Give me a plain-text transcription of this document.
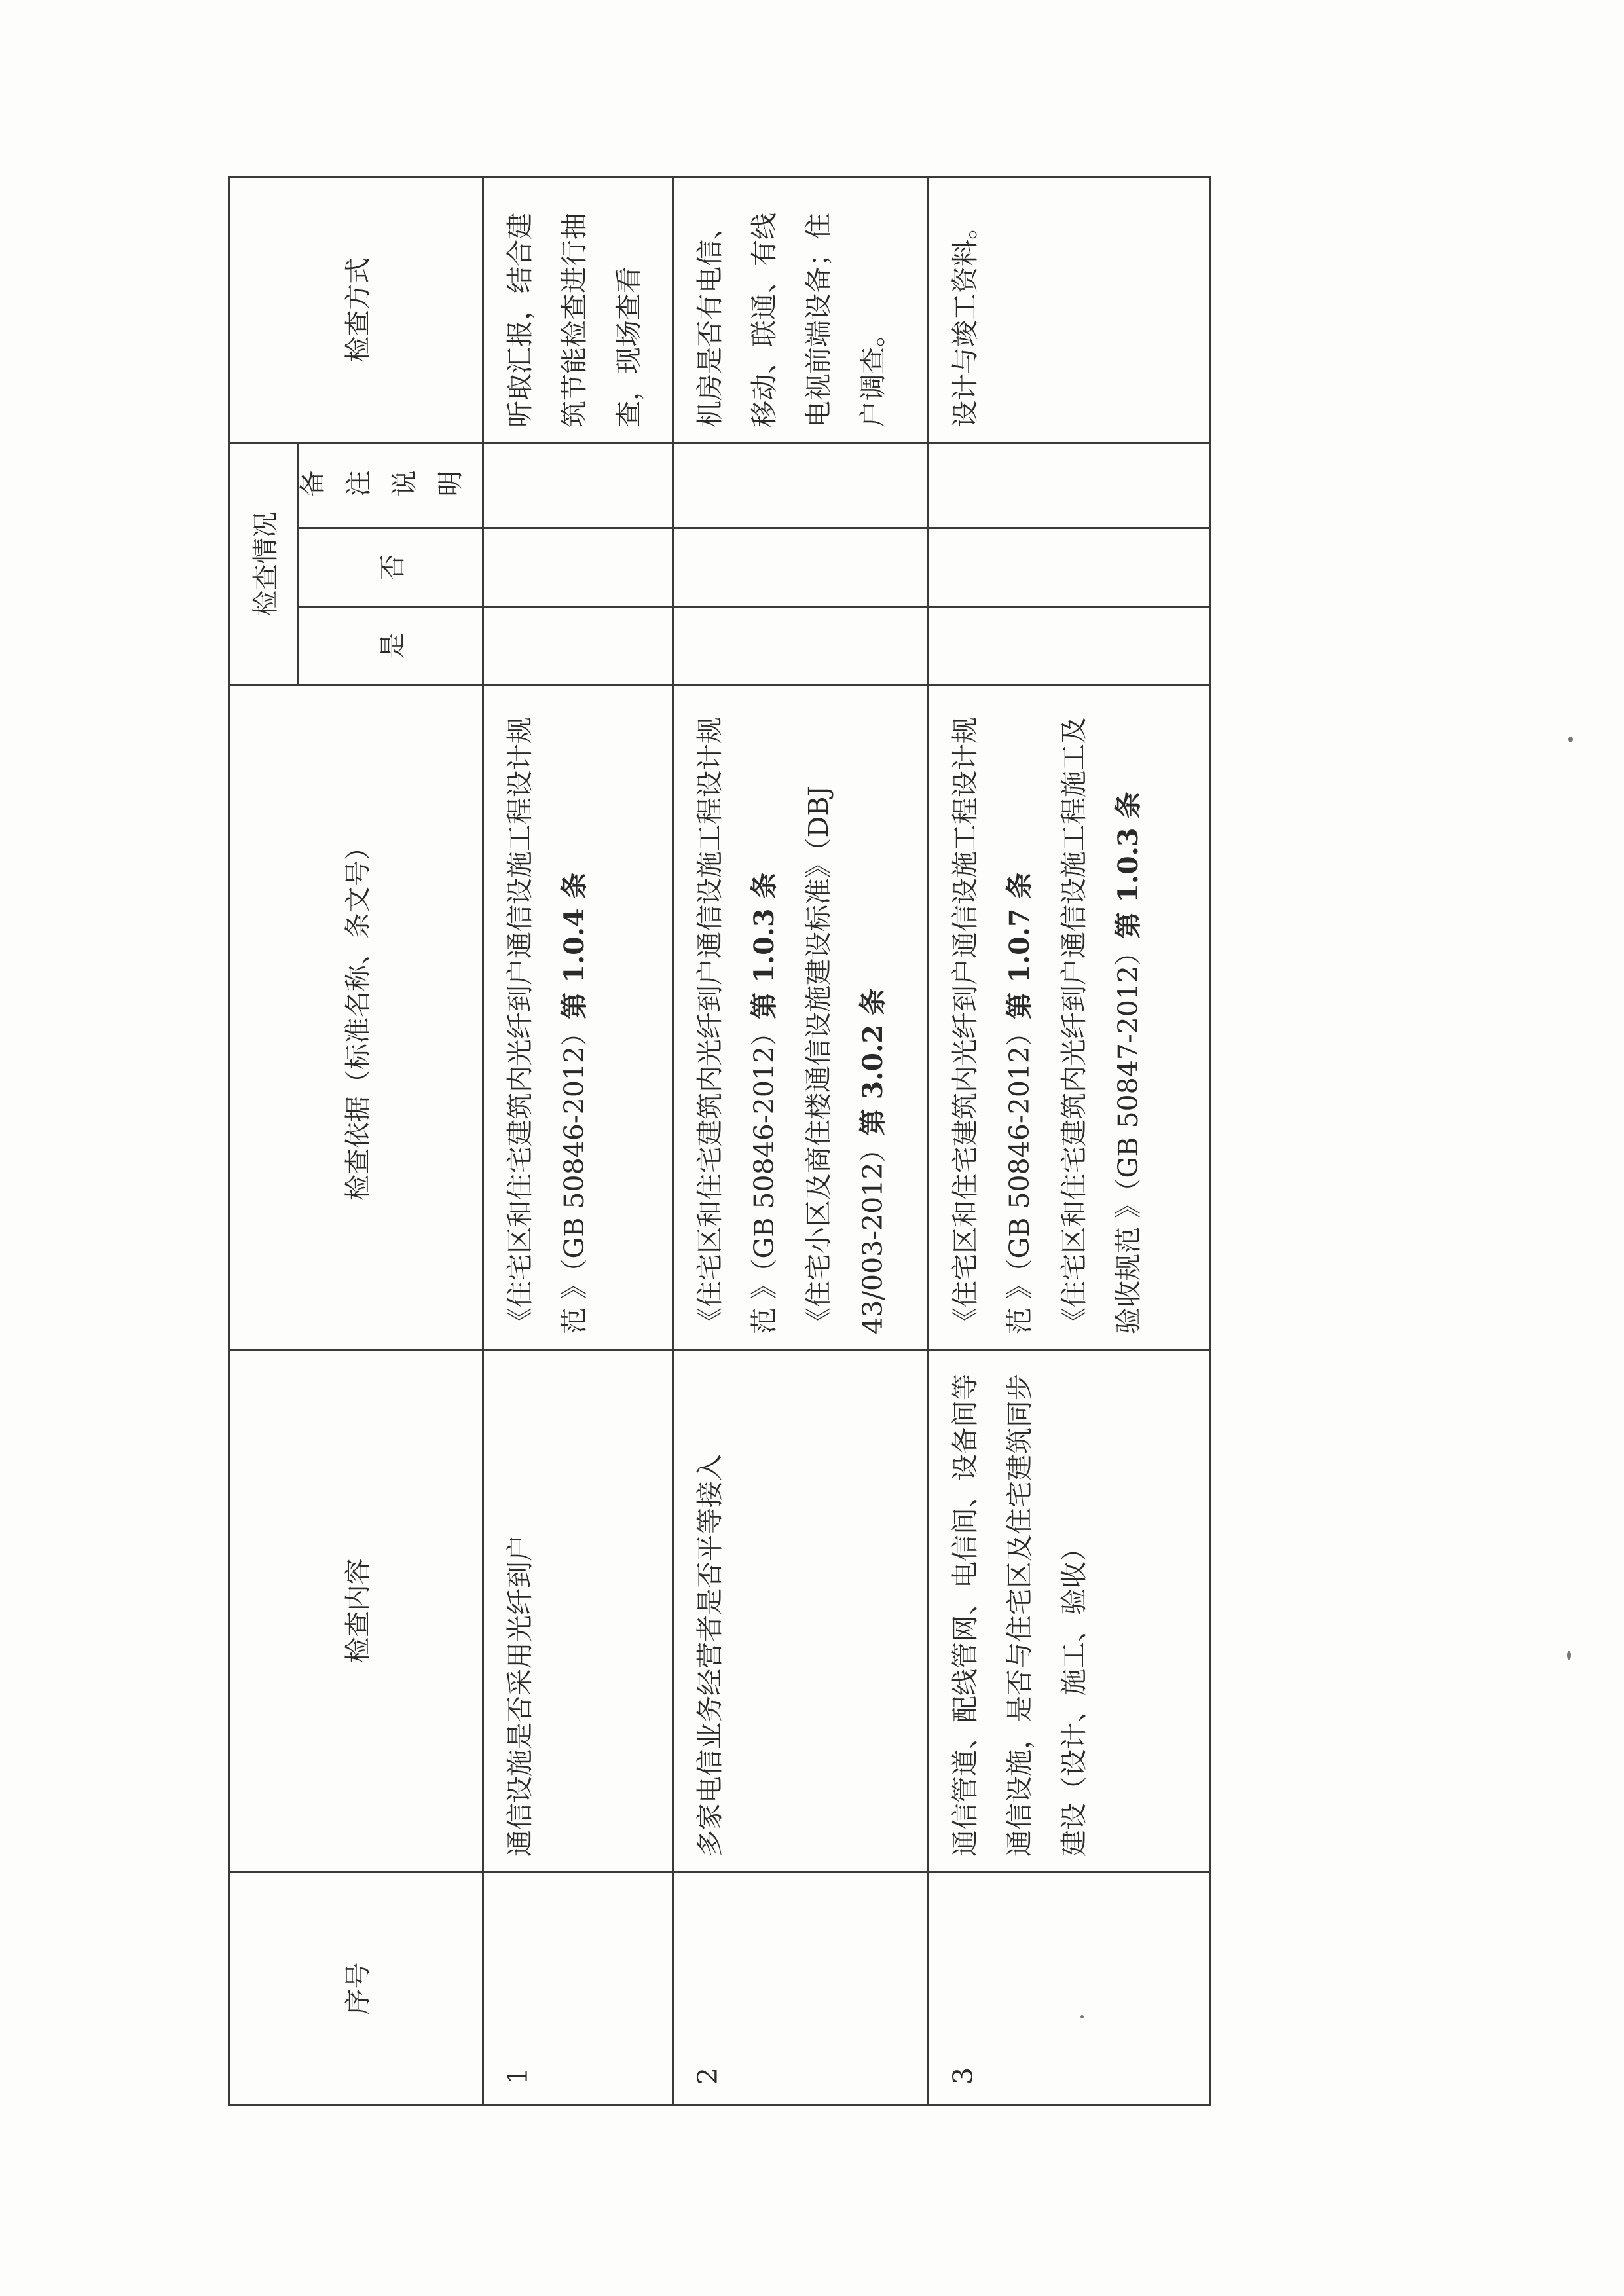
序号	检查内容	检查依据（标准名称、条文号）	检查情况			检查方式
			是	否	备注说明	

1	通信设施是否采用光纤到户	《住宅区和住宅建筑内光纤到户通信设施工程设计规范 》（GB 50846-2012）第 1.0.4 条				听取汇报，结合建筑节能检查进行抽查，现场查看
2	多家电信业务经营者是否平等接入	《住宅区和住宅建筑内光纤到户通信设施工程设计规范 》（GB 50846-2012）第 1.0.3 条 《住宅小区及商住楼通信设施建设标准》（DBJ 43/003-2012）第 3.0.2 条				机房是否有电信、移动、联通、有线电视前端设备；住户调查。
3	通信管道、配线管网、电信间、设备间等通信设施，是否与住宅区及住宅建筑同步建设（设计、施工、验收）	《住宅区和住宅建筑内光纤到户通信设施工程设计规范 》（GB 50846-2012）第 1.0.7 条 《住宅区和住宅建筑内光纤到户通信设施工程施工及验收规范 》（GB 50847-2012）第 1.0.3 条				设计与竣工资料。
